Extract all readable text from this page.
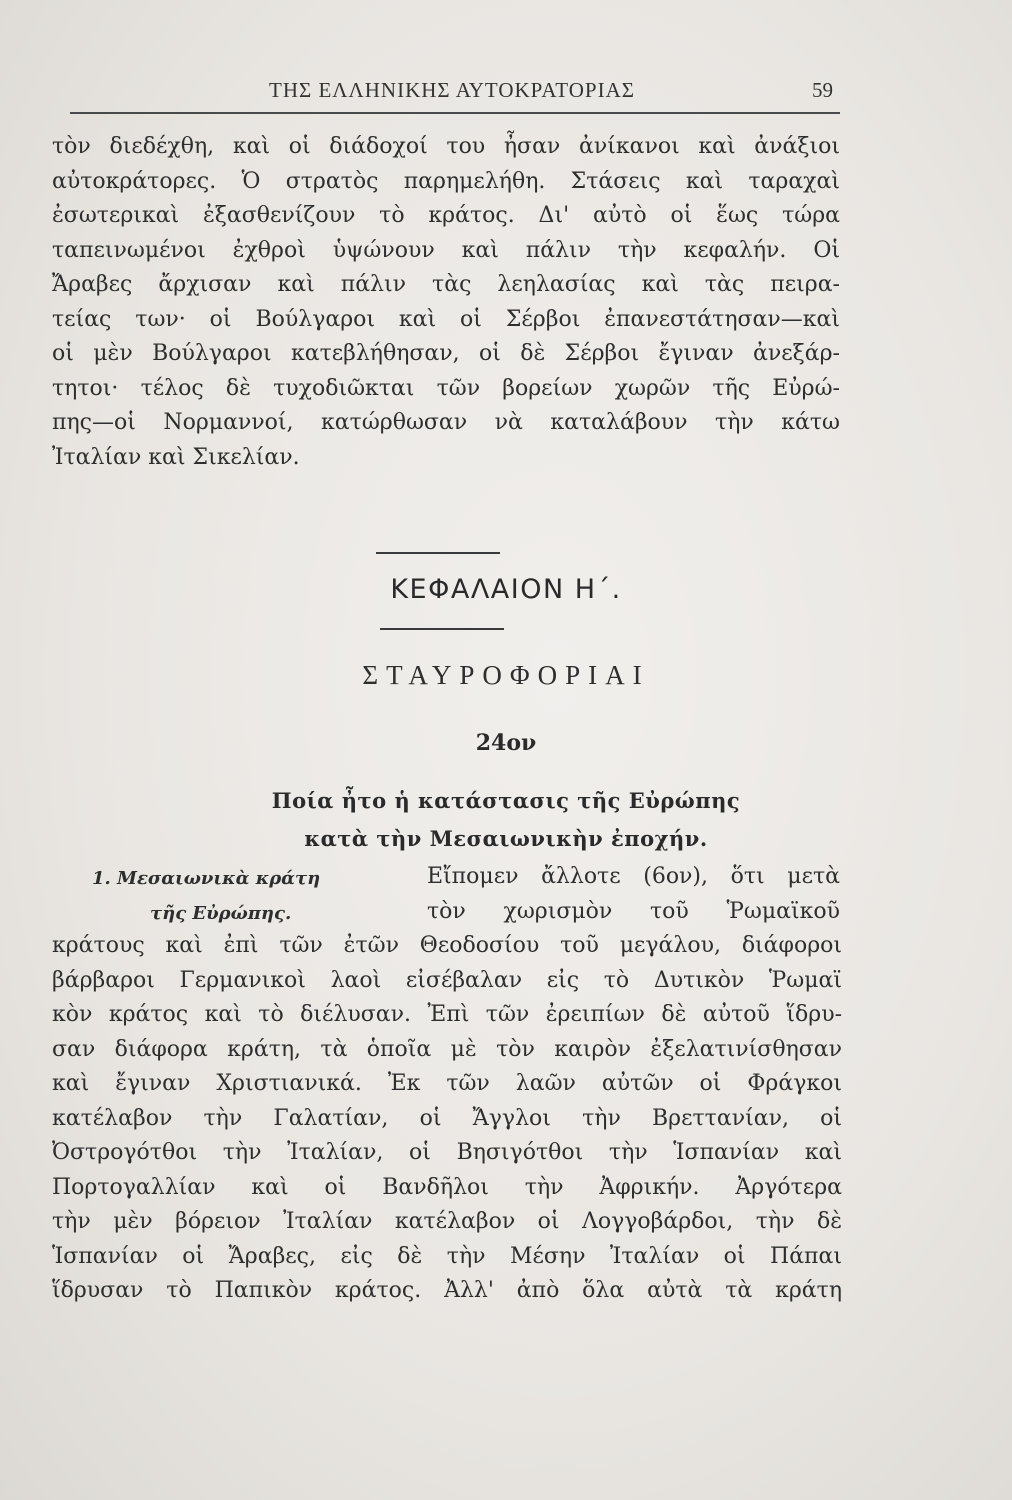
ΤΗΣ ΕΛΛΗΝΙΚΗΣ ΑΥΤΟΚΡΑΤΟΡΙΑΣ	59
τὸν διεδέχθη, καὶ οἱ διάδοχοί του ἦσαν ἀνίκανοι καὶ ἀνάξιοι
αὐτοκράτορες. Ὁ στρατὸς παρημελήθη. Στάσεις καὶ ταραχαὶ
ἐσωτερικαὶ ἐξασθενίζουν τὸ κράτος. Δι' αὐτὸ οἱ ἕως τώρα
ταπεινωμένοι ἐχθροὶ ὑψώνουν καὶ πάλιν τὴν κεφαλήν. Οἱ
Ἄραβες ἄρχισαν καὶ πάλιν τὰς λεηλασίας καὶ τὰς πειρα-
τείας των· οἱ Βούλγαροι καὶ οἱ Σέρβοι ἐπανεστάτησαν—καὶ
οἱ μὲν Βούλγαροι κατεβλήθησαν, οἱ δὲ Σέρβοι ἔγιναν ἀνεξάρ-
τητοι· τέλος δὲ τυχοδιῶκται τῶν βορείων χωρῶν τῆς Εὐρώ-
πης—οἱ Νορμαννοί, κατώρθωσαν νὰ καταλάβουν τὴν κάτω
Ἰταλίαν καὶ Σικελίαν.
ΚΕΦΑΛΑΙΟΝ Η΄.
ΣΤΑΥΡΟΦΟΡΙΑΙ
24ον
Ποία ἦτο ἡ κατάστασις τῆς Εὐρώπης
κατὰ τὴν Μεσαιωνικὴν ἐποχήν.
1. Μεσαιωνικὰ κράτη
τῆς Εὐρώπης.
Εἴπομεν ἄλλοτε (6ον), ὅτι μετὰ
τὸν χωρισμὸν τοῦ Ῥωμαϊκοῦ
κράτους καὶ ἐπὶ τῶν ἐτῶν Θεοδοσίου τοῦ μεγάλου, διάφοροι
βάρβαροι Γερμανικοὶ λαοὶ εἰσέβαλαν εἰς τὸ Δυτικὸν Ῥωμαϊ
κὸν κράτος καὶ τὸ διέλυσαν. Ἐπὶ τῶν ἐρειπίων δὲ αὐτοῦ ἵδρυ-
σαν διάφορα κράτη, τὰ ὁποῖα μὲ τὸν καιρὸν ἐξελατινίσθησαν
καὶ ἔγιναν Χριστιανικά. Ἐκ τῶν λαῶν αὐτῶν οἱ Φράγκοι
κατέλαβον τὴν Γαλατίαν, οἱ Ἄγγλοι τὴν Βρεττανίαν, οἱ
Ὀστρογότθοι τὴν Ἰταλίαν, οἱ Βησιγότθοι τὴν Ἱσπανίαν καὶ
Πορτογαλλίαν καὶ οἱ Βανδῆλοι τὴν Ἀφρικήν. Ἀργότερα
τὴν μὲν βόρειον Ἰταλίαν κατέλαβον οἱ Λογγοβάρδοι, τὴν δὲ
Ἱσπανίαν οἱ Ἄραβες, εἰς δὲ τὴν Μέσην Ἰταλίαν οἱ Πάπαι
ἵδρυσαν τὸ Παπικὸν κράτος. Ἀλλ' ἀπὸ ὅλα αὐτὰ τὰ κράτη
